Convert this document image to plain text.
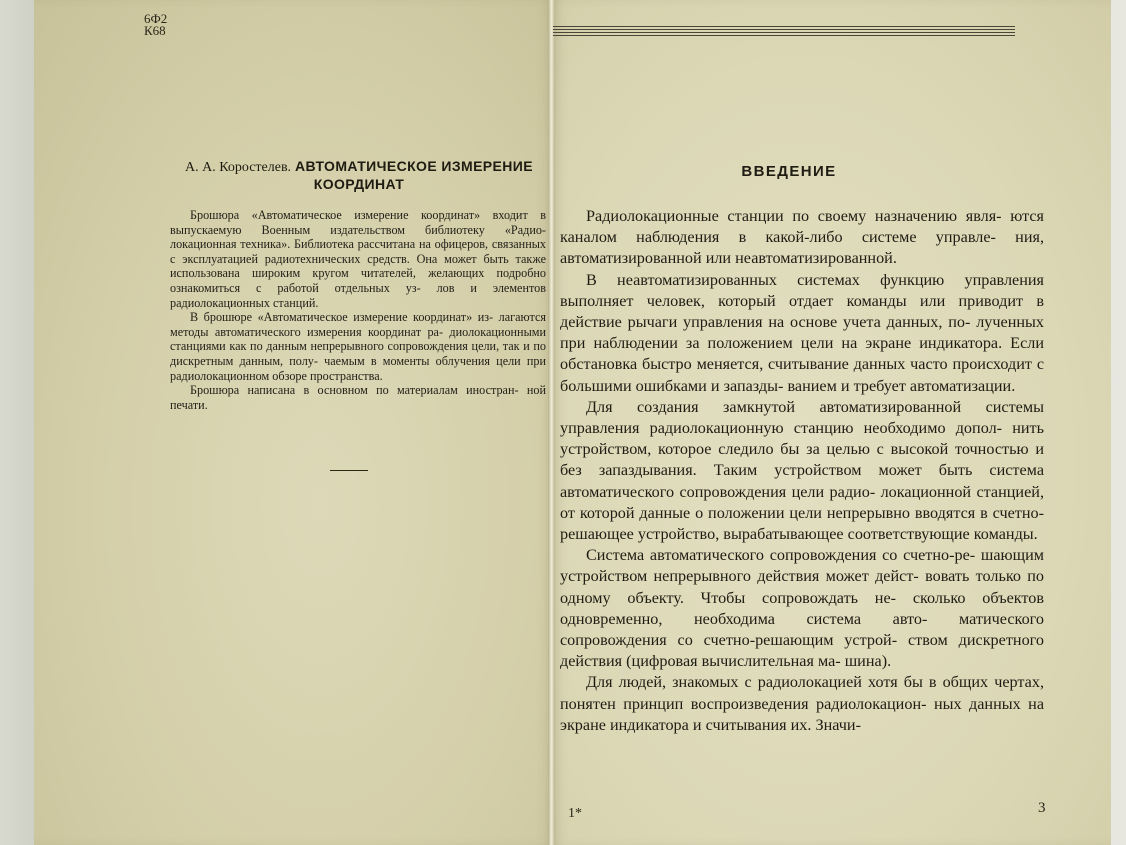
6Ф2
К68
А. А. Коростелев. АВТОМАТИЧЕСКОЕ ИЗМЕРЕНИЕ
КООРДИНАТ

Брошюра «Автоматическое измерение координат» входит в выпускаемую Военным издательством библиотеку «Радио- локационная техника». Библиотека рассчитана на офицеров, связанных с эксплуатацией радиотехнических средств. Она может быть также использована широким кругом читателей, желающих подробно ознакомиться с работой отдельных уз- лов и элементов радиолокационных станций.

В брошюре «Автоматическое измерение координат» из- лагаются методы автоматического измерения координат ра- диолокационными станциями как по данным непрерывного сопровождения цели, так и по дискретным данным, полу- чаемым в моменты облучения цели при радиолокационном обзоре пространства.

Брошюра написана в основном по материалам иностран- ной печати.

ВВЕДЕНИЕ

Радиолокационные станции по своему назначению явля- ются каналом наблюдения в какой-либо системе управле- ния, автоматизированной или неавтоматизированной.

В неавтоматизированных системах функцию управления выполняет человек, который отдает команды или приводит в действие рычаги управления на основе учета данных, по- лученных при наблюдении за положением цели на экране индикатора. Если обстановка быстро меняется, считывание данных часто происходит с большими ошибками и запазды- ванием и требует автоматизации.

Для создания замкнутой автоматизированной системы управления радиолокационную станцию необходимо допол- нить устройством, которое следило бы за целью с высокой точностью и без запаздывания. Таким устройством может быть система автоматического сопровождения цели радио- локационной станцией, от которой данные о положении цели непрерывно вводятся в счетно-решающее устройство, вырабатывающее соответствующие команды.

Система автоматического сопровождения со счетно-ре- шающим устройством непрерывного действия может дейст- вовать только по одному объекту. Чтобы сопровождать не- сколько объектов одновременно, необходима система авто- матического сопровождения со счетно-решающим устрой- ством дискретного действия (цифровая вычислительная ма- шина).

Для людей, знакомых с радиолокацией хотя бы в общих чертах, понятен принцип воспроизведения радиолокацион- ных данных на экране индикатора и считывания их. Значи-

1*	3
